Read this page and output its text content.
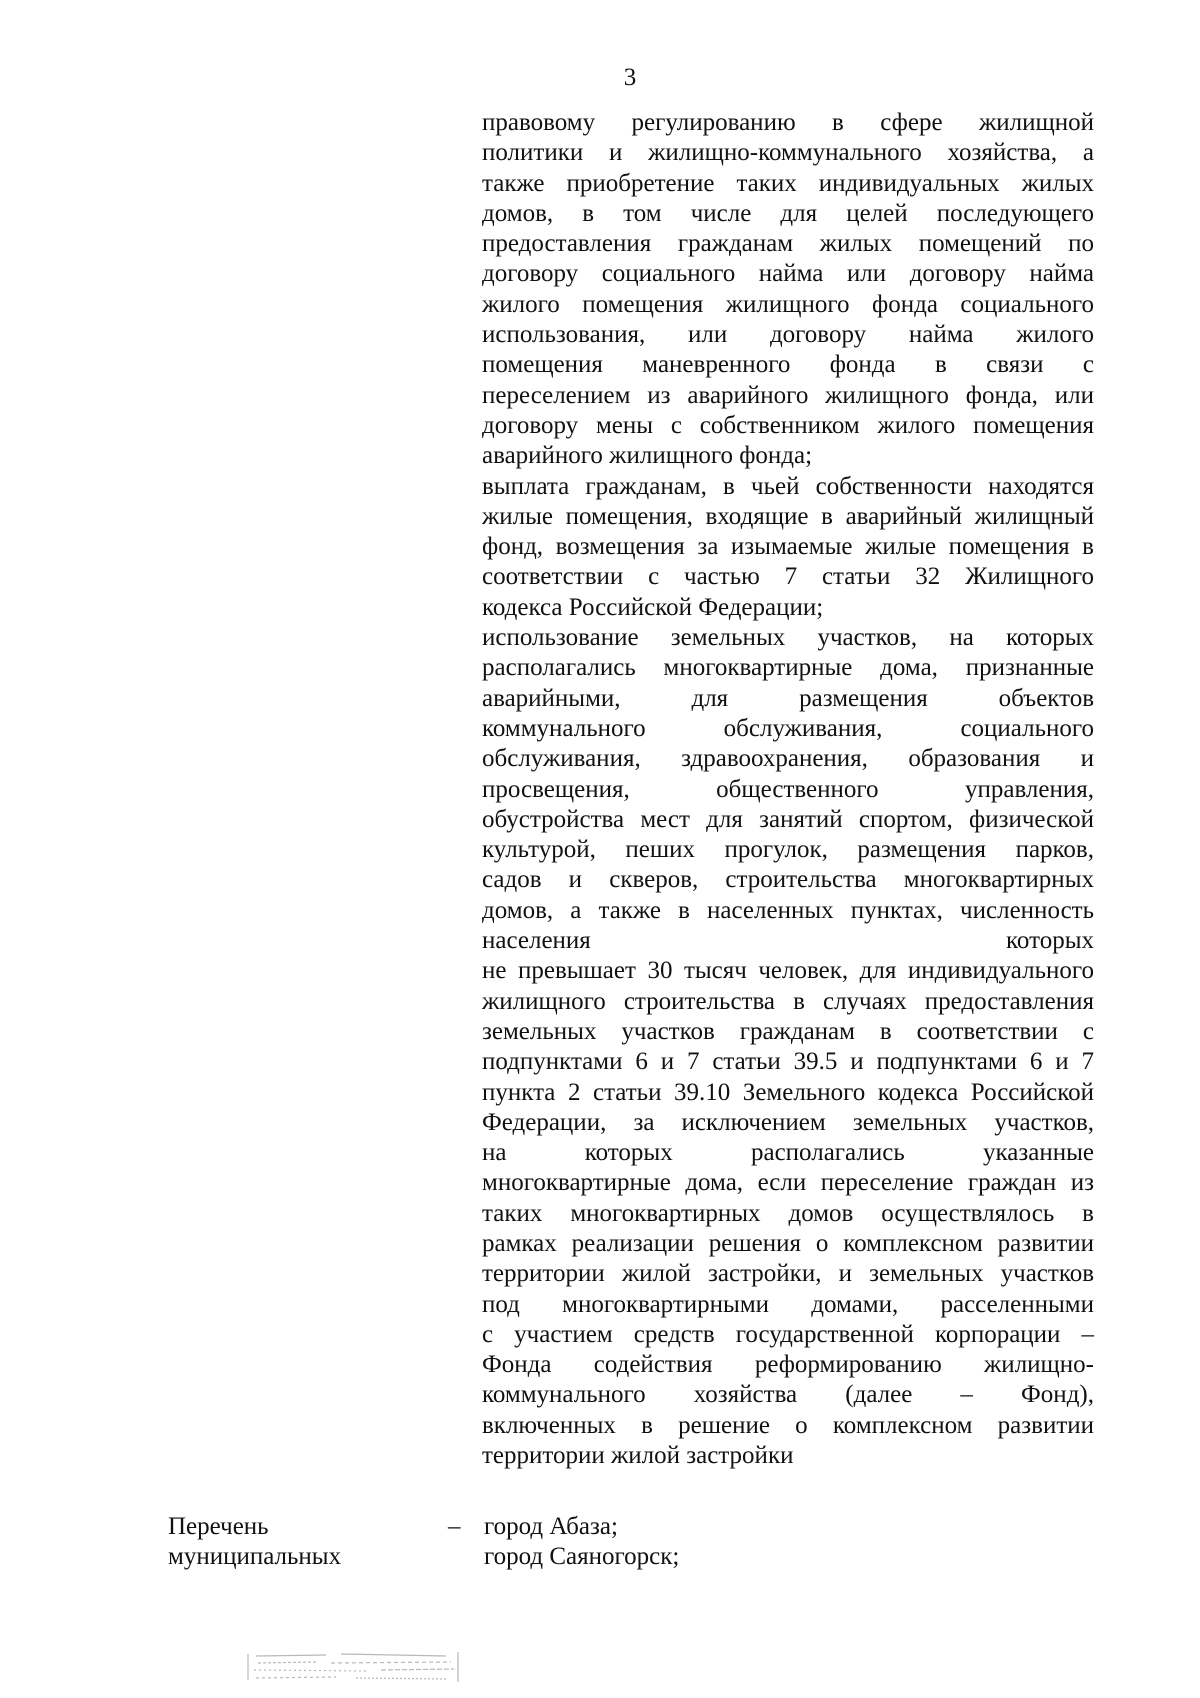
3
правовому регулированию в сфере жилищной
политики и жилищно-коммунального хозяйства, а
также приобретение таких индивидуальных жилых
домов, в том числе для целей последующего
предоставления гражданам жилых помещений по
договору социального найма или договору найма
жилого помещения жилищного фонда социального
использования, или договору найма жилого
помещения маневренного фонда в связи с
переселением из аварийного жилищного фонда, или
договору мены с собственником жилого помещения
аварийного жилищного фонда;
выплата гражданам, в чьей собственности находятся
жилые помещения, входящие в аварийный жилищный
фонд, возмещения за изымаемые жилые помещения в
соответствии с частью 7 статьи 32 Жилищного
кодекса Российской Федерации;
использование земельных участков, на которых
располагались многоквартирные дома, признанные
аварийными, для размещения объектов
коммунального обслуживания, социального
обслуживания, здравоохранения, образования и
просвещения, общественного управления,
обустройства мест для занятий спортом, физической
культурой, пеших прогулок, размещения парков,
садов и скверов, строительства многоквартирных
домов, а также в населенных пунктах, численность
населения которых
не превышает 30 тысяч человек, для индивидуального
жилищного строительства в случаях предоставления
земельных участков гражданам в соответствии с
подпунктами 6 и 7 статьи 39.5 и подпунктами 6 и 7
пункта 2 статьи 39.10 Земельного кодекса Российской
Федерации, за исключением земельных участков,
на которых располагались указанные
многоквартирные дома, если переселение граждан из
таких многоквартирных домов осуществлялось в
рамках реализации решения о комплексном развитии
территории жилой застройки, и земельных участков
под многоквартирными домами, расселенными
с участием средств государственной корпорации –
Фонда содействия реформированию жилищно-
коммунального хозяйства (далее – Фонд),
включенных в решение о комплексном развитии
территории жилой застройки
Перечень
муниципальных
– город Абаза;
город Саяногорск;
